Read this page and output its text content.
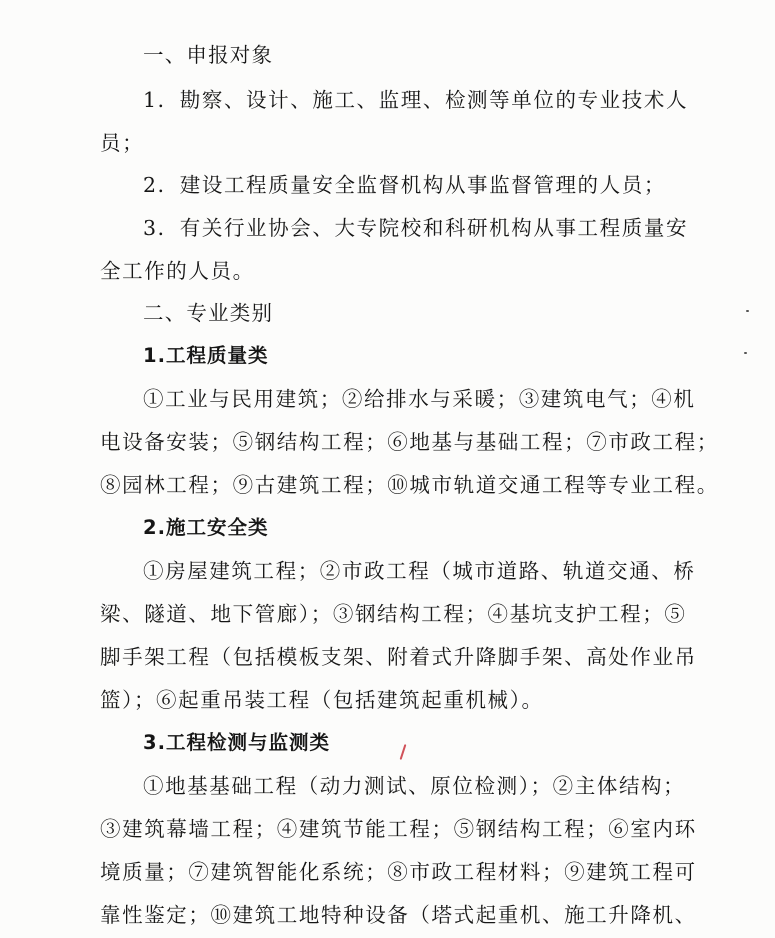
一、申报对象
1．勘察、设计、施工、监理、检测等单位的专业技术人
员；
2．建设工程质量安全监督机构从事监督管理的人员；
3．有关行业协会、大专院校和科研机构从事工程质量安
全工作的人员。
二、专业类别
1.工程质量类
①工业与民用建筑；②给排水与采暖；③建筑电气；④机
电设备安装；⑤钢结构工程；⑥地基与基础工程；⑦市政工程；
⑧园林工程；⑨古建筑工程；⑩城市轨道交通工程等专业工程。
2.施工安全类
①房屋建筑工程；②市政工程（城市道路、轨道交通、桥
梁、隧道、地下管廊）；③钢结构工程；④基坑支护工程；⑤
脚手架工程（包括模板支架、附着式升降脚手架、高处作业吊
篮）；⑥起重吊装工程（包括建筑起重机械）。
3.工程检测与监测类
①地基基础工程（动力测试、原位检测）；②主体结构；
③建筑幕墙工程；④建筑节能工程；⑤钢结构工程；⑥室内环
境质量；⑦建筑智能化系统；⑧市政工程材料；⑨建筑工程可
靠性鉴定；⑩建筑工地特种设备（塔式起重机、施工升降机、
